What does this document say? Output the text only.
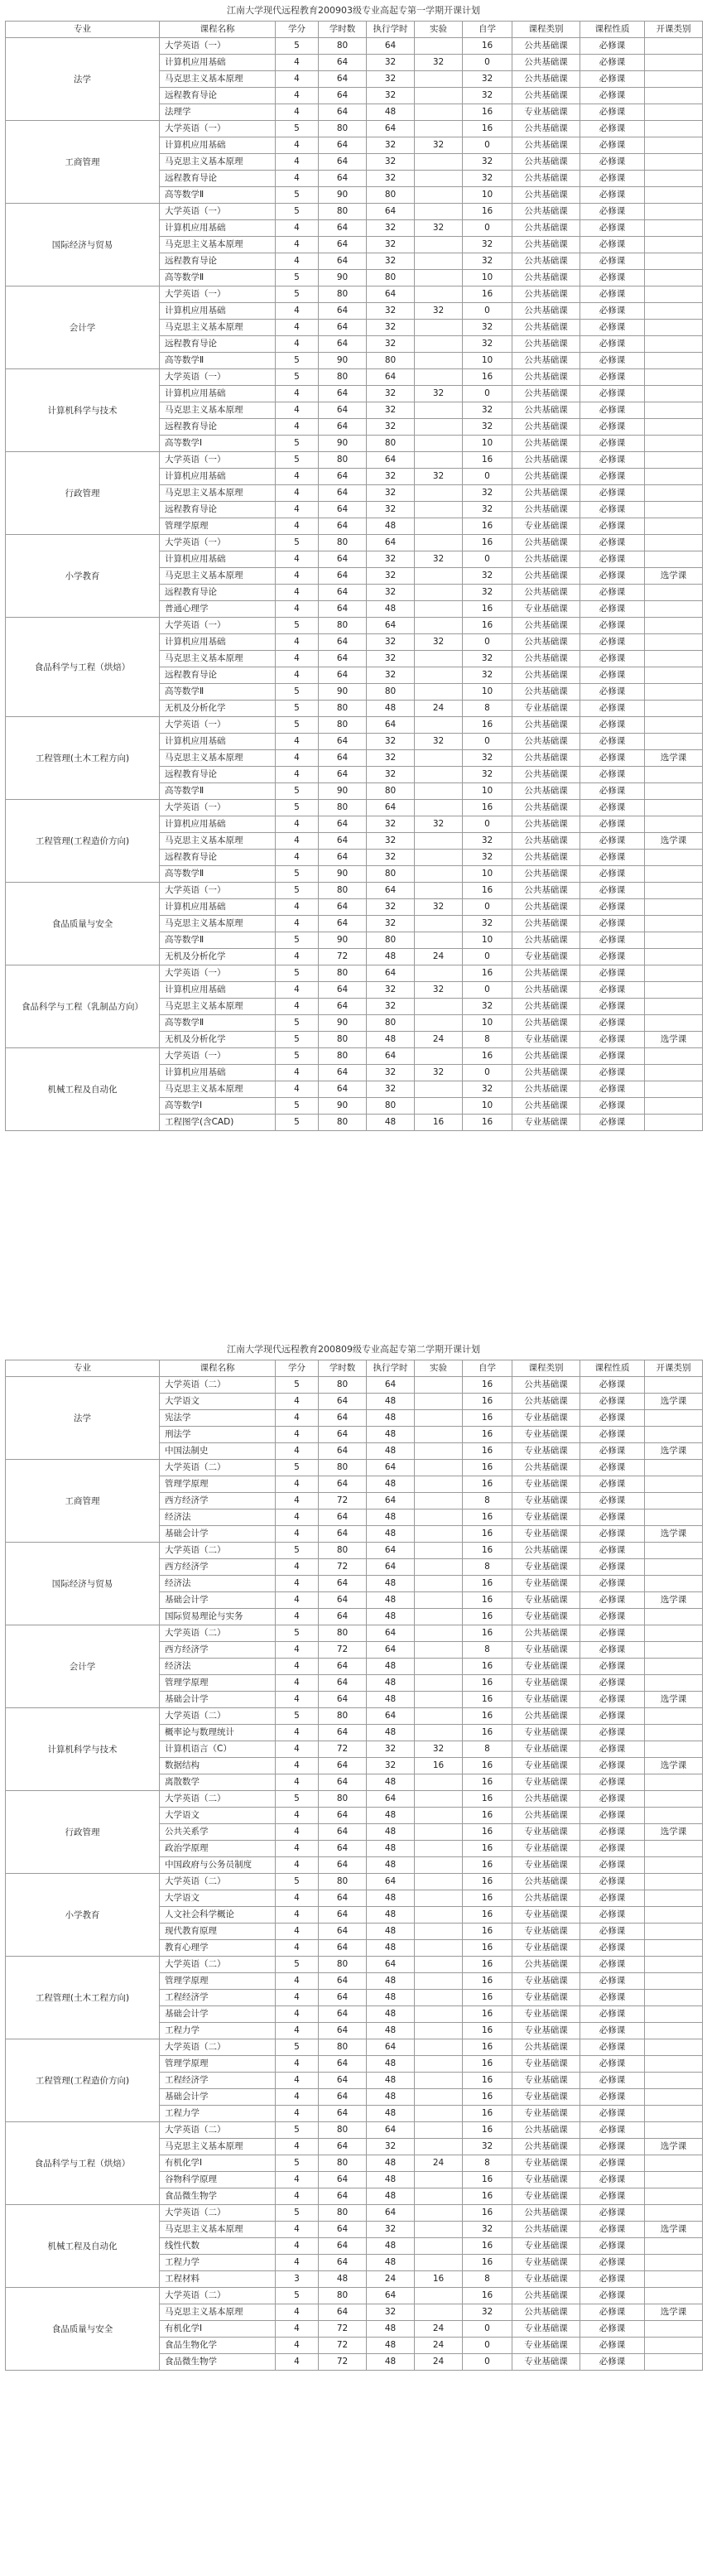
江南大学现代远程教育200903级专业高起专第一学期开课计划
专业	课程名称	学分	学时数	执行学时	实验	自学	课程类别	课程性质	开课类别
法学	大学英语（一）	5	80	64		16	公共基础课	必修课	
	计算机应用基础	4	64	32	32	0	公共基础课	必修课	
	马克思主义基本原理	4	64	32		32	公共基础课	必修课	
	远程教育导论	4	64	32		32	公共基础课	必修课	
	法理学	4	64	48		16	专业基础课	必修课	
工商管理	大学英语（一）	5	80	64		16	公共基础课	必修课	
	计算机应用基础	4	64	32	32	0	公共基础课	必修课	
	马克思主义基本原理	4	64	32		32	公共基础课	必修课	
	远程教育导论	4	64	32		32	公共基础课	必修课	
	高等数学Ⅱ	5	90	80		10	公共基础课	必修课	
国际经济与贸易	大学英语（一）	5	80	64		16	公共基础课	必修课	
	计算机应用基础	4	64	32	32	0	公共基础课	必修课	
	马克思主义基本原理	4	64	32		32	公共基础课	必修课	
	远程教育导论	4	64	32		32	公共基础课	必修课	
	高等数学Ⅱ	5	90	80		10	公共基础课	必修课	
会计学	大学英语（一）	5	80	64		16	公共基础课	必修课	
	计算机应用基础	4	64	32	32	0	公共基础课	必修课	
	马克思主义基本原理	4	64	32		32	公共基础课	必修课	
	远程教育导论	4	64	32		32	公共基础课	必修课	
	高等数学Ⅱ	5	90	80		10	公共基础课	必修课	
计算机科学与技术	大学英语（一）	5	80	64		16	公共基础课	必修课	
	计算机应用基础	4	64	32	32	0	公共基础课	必修课	
	马克思主义基本原理	4	64	32		32	公共基础课	必修课	
	远程教育导论	4	64	32		32	公共基础课	必修课	
	高等数学Ⅰ	5	90	80		10	公共基础课	必修课	
行政管理	大学英语（一）	5	80	64		16	公共基础课	必修课	
	计算机应用基础	4	64	32	32	0	公共基础课	必修课	
	马克思主义基本原理	4	64	32		32	公共基础课	必修课	
	远程教育导论	4	64	32		32	公共基础课	必修课	
	管理学原理	4	64	48		16	专业基础课	必修课	
小学教育	大学英语（一）	5	80	64		16	公共基础课	必修课	
	计算机应用基础	4	64	32	32	0	公共基础课	必修课	
	马克思主义基本原理	4	64	32		32	公共基础课	必修课	选学课
	远程教育导论	4	64	32		32	公共基础课	必修课	
	普通心理学	4	64	48		16	专业基础课	必修课	
食品科学与工程（烘焙）	大学英语（一）	5	80	64		16	公共基础课	必修课	
	计算机应用基础	4	64	32	32	0	公共基础课	必修课	
	马克思主义基本原理	4	64	32		32	公共基础课	必修课	
	远程教育导论	4	64	32		32	公共基础课	必修课	
	高等数学Ⅱ	5	90	80		10	公共基础课	必修课	
	无机及分析化学	5	80	48	24	8	专业基础课	必修课	
工程管理(土木工程方向)	大学英语（一）	5	80	64		16	公共基础课	必修课	
	计算机应用基础	4	64	32	32	0	公共基础课	必修课	
	马克思主义基本原理	4	64	32		32	公共基础课	必修课	选学课
	远程教育导论	4	64	32		32	公共基础课	必修课	
	高等数学Ⅱ	5	90	80		10	公共基础课	必修课	
工程管理(工程造价方向)	大学英语（一）	5	80	64		16	公共基础课	必修课	
	计算机应用基础	4	64	32	32	0	公共基础课	必修课	
	马克思主义基本原理	4	64	32		32	公共基础课	必修课	选学课
	远程教育导论	4	64	32		32	公共基础课	必修课	
	高等数学Ⅱ	5	90	80		10	公共基础课	必修课	
食品质量与安全	大学英语（一）	5	80	64		16	公共基础课	必修课	
	计算机应用基础	4	64	32	32	0	公共基础课	必修课	
	马克思主义基本原理	4	64	32		32	公共基础课	必修课	
	高等数学Ⅱ	5	90	80		10	公共基础课	必修课	
	无机及分析化学	4	72	48	24	0	专业基础课	必修课	
食品科学与工程（乳制品方向）	大学英语（一）	5	80	64		16	公共基础课	必修课	
	计算机应用基础	4	64	32	32	0	公共基础课	必修课	
	马克思主义基本原理	4	64	32		32	公共基础课	必修课	
	高等数学Ⅱ	5	90	80		10	公共基础课	必修课	
	无机及分析化学	5	80	48	24	8	专业基础课	必修课	选学课
机械工程及自动化	大学英语（一）	5	80	64		16	公共基础课	必修课	
	计算机应用基础	4	64	32	32	0	公共基础课	必修课	
	马克思主义基本原理	4	64	32		32	公共基础课	必修课	
	高等数学Ⅰ	5	90	80		10	公共基础课	必修课	
	工程图学(含CAD)	5	80	48	16	16	专业基础课	必修课	
江南大学现代远程教育200809级专业高起专第二学期开课计划
专业	课程名称	学分	学时数	执行学时	实验	自学	课程类别	课程性质	开课类别
法学	大学英语（二）	5	80	64		16	公共基础课	必修课	
	大学语文	4	64	48		16	公共基础课	必修课	选学课
	宪法学	4	64	48		16	专业基础课	必修课	
	刑法学	4	64	48		16	专业基础课	必修课	
	中国法制史	4	64	48		16	专业基础课	必修课	选学课
工商管理	大学英语（二）	5	80	64		16	公共基础课	必修课	
	管理学原理	4	64	48		16	专业基础课	必修课	
	西方经济学	4	72	64		8	专业基础课	必修课	
	经济法	4	64	48		16	专业基础课	必修课	
	基础会计学	4	64	48		16	专业基础课	必修课	选学课
国际经济与贸易	大学英语（二）	5	80	64		16	公共基础课	必修课	
	西方经济学	4	72	64		8	专业基础课	必修课	
	经济法	4	64	48		16	专业基础课	必修课	
	基础会计学	4	64	48		16	专业基础课	必修课	选学课
	国际贸易理论与实务	4	64	48		16	专业基础课	必修课	
会计学	大学英语（二）	5	80	64		16	公共基础课	必修课	
	西方经济学	4	72	64		8	专业基础课	必修课	
	经济法	4	64	48		16	专业基础课	必修课	
	管理学原理	4	64	48		16	专业基础课	必修课	
	基础会计学	4	64	48		16	专业基础课	必修课	选学课
计算机科学与技术	大学英语（二）	5	80	64		16	公共基础课	必修课	
	概率论与数理统计	4	64	48		16	专业基础课	必修课	
	计算机语言（C）	4	72	32	32	8	专业基础课	必修课	
	数据结构	4	64	32	16	16	专业基础课	必修课	选学课
	离散数学	4	64	48		16	专业基础课	必修课	
行政管理	大学英语（二）	5	80	64		16	公共基础课	必修课	
	大学语文	4	64	48		16	公共基础课	必修课	
	公共关系学	4	64	48		16	专业基础课	必修课	选学课
	政治学原理	4	64	48		16	专业基础课	必修课	
	中国政府与公务员制度	4	64	48		16	专业基础课	必修课	
小学教育	大学英语（二）	5	80	64		16	公共基础课	必修课	
	大学语文	4	64	48		16	公共基础课	必修课	
	人文社会科学概论	4	64	48		16	专业基础课	必修课	
	现代教育原理	4	64	48		16	专业基础课	必修课	
	教育心理学	4	64	48		16	专业基础课	必修课	
工程管理(土木工程方向)	大学英语（二）	5	80	64		16	公共基础课	必修课	
	管理学原理	4	64	48		16	专业基础课	必修课	
	工程经济学	4	64	48		16	专业基础课	必修课	
	基础会计学	4	64	48		16	专业基础课	必修课	
	工程力学	4	64	48		16	专业基础课	必修课	
工程管理(工程造价方向)	大学英语（二）	5	80	64		16	公共基础课	必修课	
	管理学原理	4	64	48		16	专业基础课	必修课	
	工程经济学	4	64	48		16	专业基础课	必修课	
	基础会计学	4	64	48		16	专业基础课	必修课	
	工程力学	4	64	48		16	专业基础课	必修课	
食品科学与工程（烘焙）	大学英语（二）	5	80	64		16	公共基础课	必修课	
	马克思主义基本原理	4	64	32		32	公共基础课	必修课	选学课
	有机化学Ⅰ	5	80	48	24	8	专业基础课	必修课	
	谷物科学原理	4	64	48		16	专业基础课	必修课	
	食品微生物学	4	64	48		16	专业基础课	必修课	
机械工程及自动化	大学英语（二）	5	80	64		16	公共基础课	必修课	
	马克思主义基本原理	4	64	32		32	公共基础课	必修课	选学课
	线性代数	4	64	48		16	专业基础课	必修课	
	工程力学	4	64	48		16	专业基础课	必修课	
	工程材料	3	48	24	16	8	专业基础课	必修课	
食品质量与安全	大学英语（二）	5	80	64		16	公共基础课	必修课	
	马克思主义基本原理	4	64	32		32	公共基础课	必修课	选学课
	有机化学Ⅰ	4	72	48	24	0	专业基础课	必修课	
	食品生物化学	4	72	48	24	0	专业基础课	必修课	
	食品微生物学	4	72	48	24	0	专业基础课	必修课	
